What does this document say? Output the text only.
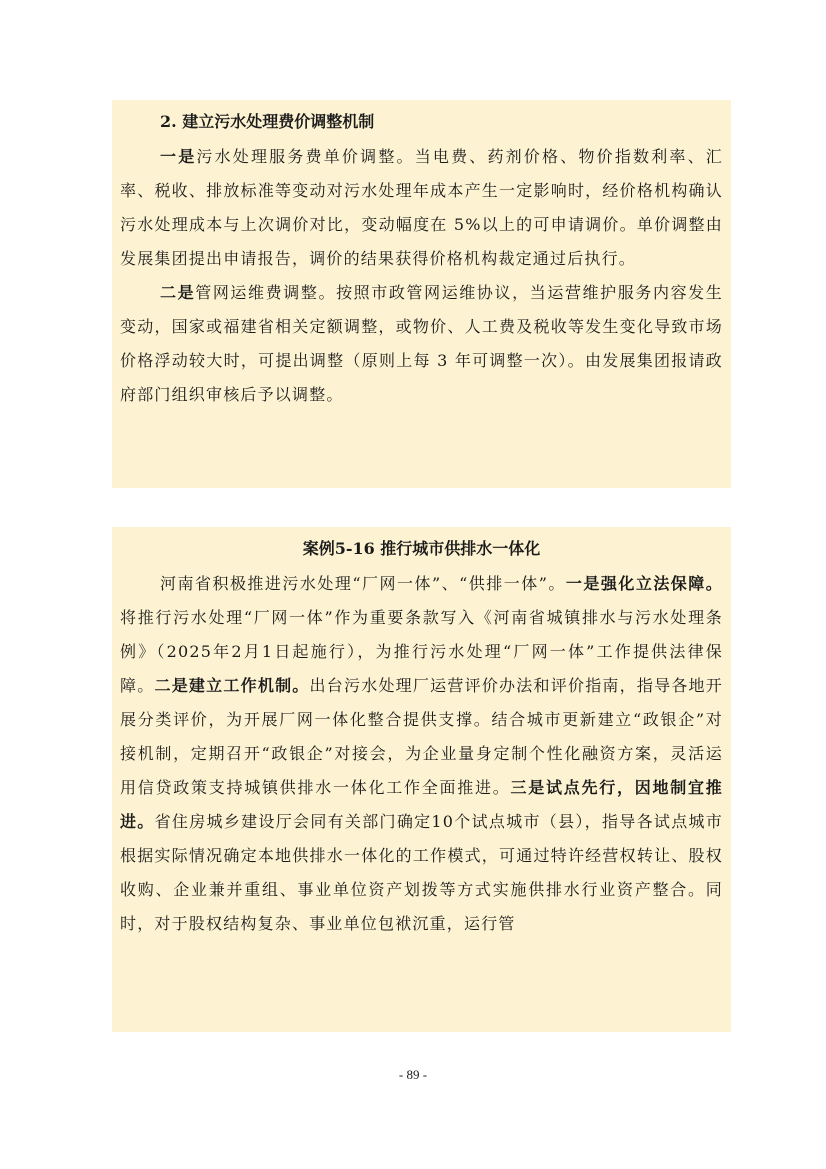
2. 建立污水处理费价调整机制

一是污水处理服务费单价调整。当电费、药剂价格、物价指数利率、汇率、税收、排放标准等变动对污水处理年成本产生一定影响时，经价格机构确认污水处理成本与上次调价对比，变动幅度在 5%以上的可申请调价。单价调整由发展集团提出申请报告，调价的结果获得价格机构裁定通过后执行。

二是管网运维费调整。按照市政管网运维协议，当运营维护服务内容发生变动，国家或福建省相关定额调整，或物价、人工费及税收等发生变化导致市场价格浮动较大时，可提出调整（原则上每 3 年可调整一次）。由发展集团报请政府部门组织审核后予以调整。

案例5-16 推行城市供排水一体化

河南省积极推进污水处理“厂网一体”、“供排一体”。一是强化立法保障。将推行污水处理“厂网一体”作为重要条款写入《河南省城镇排水与污水处理条例》（2025年2月1日起施行），为推行污水处理“厂网一体”工作提供法律保障。二是建立工作机制。出台污水处理厂运营评价办法和评价指南，指导各地开展分类评价，为开展厂网一体化整合提供支撑。结合城市更新建立“政银企”对接机制，定期召开“政银企”对接会，为企业量身定制个性化融资方案，灵活运用信贷政策支持城镇供排水一体化工作全面推进。三是试点先行，因地制宜推进。省住房城乡建设厅会同有关部门确定10个试点城市（县），指导各试点城市根据实际情况确定本地供排水一体化的工作模式，可通过特许经营权转让、股权收购、企业兼并重组、事业单位资产划拨等方式实施供排水行业资产整合。同时，对于股权结构复杂、事业单位包袱沉重，运行管

- 89 -
